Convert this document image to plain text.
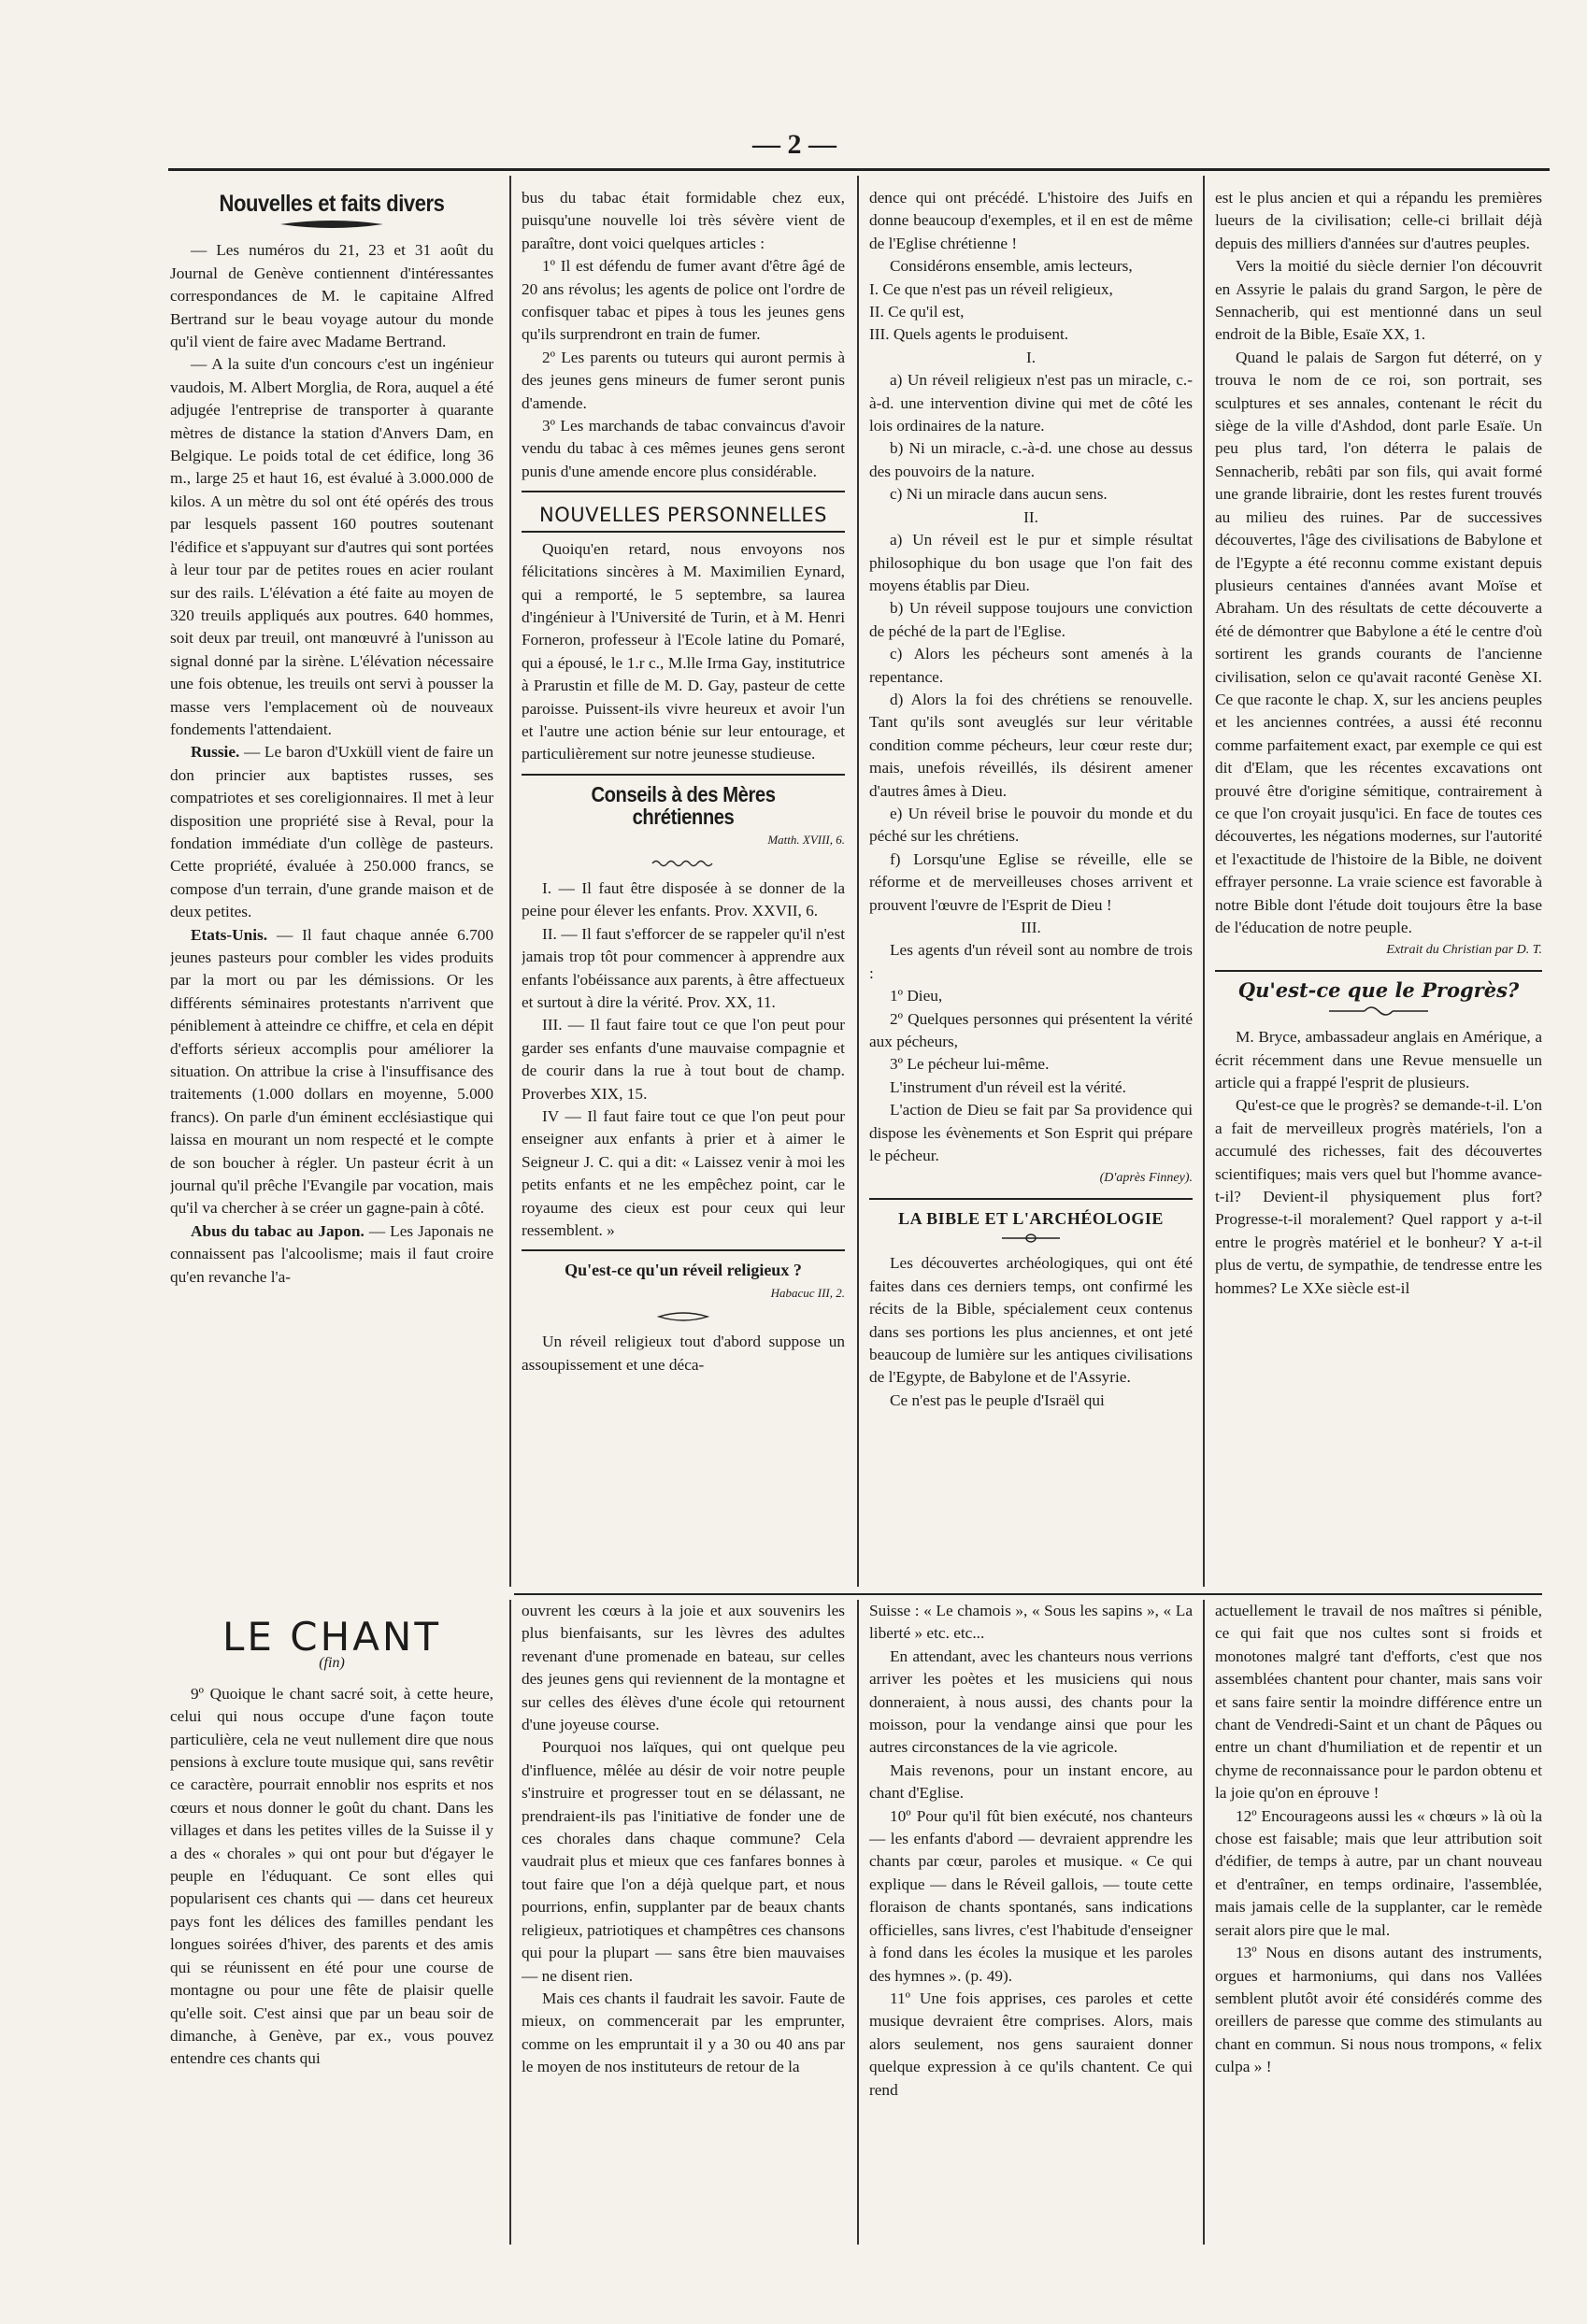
— 2 —
Nouvelles et faits divers

— Les numéros du 21, 23 et 31 août du Journal de Genève contiennent d'intéressantes correspondances de M. le capitaine Alfred Bertrand sur le beau voyage autour du monde qu'il vient de faire avec Madame Bertrand.

— A la suite d'un concours c'est un ingénieur vaudois, M. Albert Morglia, de Rora, auquel a été adjugée l'entreprise de transporter à quarante mètres de distance la station d'Anvers Dam, en Belgique. Le poids total de cet édifice, long 36 m., large 25 et haut 16, est évalué à 3.000.000 de kilos. A un mètre du sol ont été opérés des trous par lesquels passent 160 poutres soutenant l'édifice et s'appuyant sur d'autres qui sont portées à leur tour par de petites roues en acier roulant sur des rails. L'élévation a été faite au moyen de 320 treuils appliqués aux poutres. 640 hommes, soit deux par treuil, ont manœuvré à l'unisson au signal donné par la sirène. L'élévation nécessaire une fois obtenue, les treuils ont servi à pousser la masse vers l'emplacement où de nouveaux fondements l'attendaient.

Russie. — Le baron d'Uxküll vient de faire un don princier aux baptistes russes, ses compatriotes et ses coreligionnaires. Il met à leur disposition une propriété sise à Reval, pour la fondation immédiate d'un collège de pasteurs. Cette propriété, évaluée à 250.000 francs, se compose d'un terrain, d'une grande maison et de deux petites.

Etats-Unis. — Il faut chaque année 6.700 jeunes pasteurs pour combler les vides produits par la mort ou par les démissions. Or les différents séminaires protestants n'arrivent que péniblement à atteindre ce chiffre, et cela en dépit d'efforts sérieux accomplis pour améliorer la situation. On attribue la crise à l'insuffisance des traitements (1.000 dollars en moyenne, 5.000 francs). On parle d'un éminent ecclésiastique qui laissa en mourant un nom respecté et le compte de son boucher à régler. Un pasteur écrit à un journal qu'il prêche l'Evangile par vocation, mais qu'il va chercher à se créer un gagne-pain à côté.

Abus du tabac au Japon. — Les Japonais ne connaissent pas l'alcoolisme; mais il faut croire qu'en revanche l'a-

bus du tabac était formidable chez eux, puisqu'une nouvelle loi très sévère vient de paraître, dont voici quelques articles :

1º Il est défendu de fumer avant d'être âgé de 20 ans révolus; les agents de police ont l'ordre de confisquer tabac et pipes à tous les jeunes gens qu'ils surprendront en train de fumer.

2º Les parents ou tuteurs qui auront permis à des jeunes gens mineurs de fumer seront punis d'amende.

3º Les marchands de tabac convaincus d'avoir vendu du tabac à ces mêmes jeunes gens seront punis d'une amende encore plus considérable.

NOUVELLES PERSONNELLES

Quoiqu'en retard, nous envoyons nos félicitations sincères à M. Maximilien Eynard, qui a remporté, le 5 septembre, sa laurea d'ingénieur à l'Université de Turin, et à M. Henri Forneron, professeur à l'Ecole latine du Pomaré, qui a épousé, le 1.r c., M.lle Irma Gay, institutrice à Prarustin et fille de M. D. Gay, pasteur de cette paroisse. Puissent-ils vivre heureux et avoir l'un et l'autre une action bénie sur leur entourage, et particulièrement sur notre jeunesse studieuse.

Conseils à des Mères chrétiennes
Matth. XVIII, 6.

I. — Il faut être disposée à se donner de la peine pour élever les enfants. Prov. XXVII, 6.

II. — Il faut s'efforcer de se rappeler qu'il n'est jamais trop tôt pour commencer à apprendre aux enfants l'obéissance aux parents, à être affectueux et surtout à dire la vérité. Prov. XX, 11.

III. — Il faut faire tout ce que l'on peut pour garder ses enfants d'une mauvaise compagnie et de courir dans la rue à tout bout de champ. Proverbes XIX, 15.

IV — Il faut faire tout ce que l'on peut pour enseigner aux enfants à prier et à aimer le Seigneur J. C. qui a dit: « Laissez venir à moi les petits enfants et ne les empêchez point, car le royaume des cieux est pour ceux qui leur ressemblent. »

Qu'est-ce qu'un réveil religieux ?
Habacuc III, 2.

Un réveil religieux tout d'abord suppose un assoupissement et une déca-

dence qui ont précédé. L'histoire des Juifs en donne beaucoup d'exemples, et il en est de même de l'Eglise chrétienne !

Considérons ensemble, amis lecteurs,

I. Ce que n'est pas un réveil religieux,

II. Ce qu'il est,

III. Quels agents le produisent.

I.

a) Un réveil religieux n'est pas un miracle, c.-à-d. une intervention divine qui met de côté les lois ordinaires de la nature.

b) Ni un miracle, c.-à-d. une chose au dessus des pouvoirs de la nature.

c) Ni un miracle dans aucun sens.

II.

a) Un réveil est le pur et simple résultat philosophique du bon usage que l'on fait des moyens établis par Dieu.

b) Un réveil suppose toujours une conviction de péché de la part de l'Eglise.

c) Alors les pécheurs sont amenés à la repentance.

d) Alors la foi des chrétiens se renouvelle. Tant qu'ils sont aveuglés sur leur véritable condition comme pécheurs, leur cœur reste dur; mais, unefois réveillés, ils désirent amener d'autres âmes à Dieu.

e) Un réveil brise le pouvoir du monde et du péché sur les chrétiens.

f) Lorsqu'une Eglise se réveille, elle se réforme et de merveilleuses choses arrivent et prouvent l'œuvre de l'Esprit de Dieu !

III.

Les agents d'un réveil sont au nombre de trois :

1º Dieu,

2º Quelques personnes qui présentent la vérité aux pécheurs,

3º Le pécheur lui-même.

L'instrument d'un réveil est la vérité.

L'action de Dieu se fait par Sa providence qui dispose les évènements et Son Esprit qui prépare le pécheur.

(D'après Finney).

LA BIBLE ET L'ARCHÉOLOGIE

Les découvertes archéologiques, qui ont été faites dans ces derniers temps, ont confirmé les récits de la Bible, spécialement ceux contenus dans ses portions les plus anciennes, et ont jeté beaucoup de lumière sur les antiques civilisations de l'Egypte, de Babylone et de l'Assyrie.

Ce n'est pas le peuple d'Israël qui

est le plus ancien et qui a répandu les premières lueurs de la civilisation; celle-ci brillait déjà depuis des milliers d'années sur d'autres peuples.

Vers la moitié du siècle dernier l'on découvrit en Assyrie le palais du grand Sargon, le père de Sennacherib, qui est mentionné dans un seul endroit de la Bible, Esaïe XX, 1.

Quand le palais de Sargon fut déterré, on y trouva le nom de ce roi, son portrait, ses sculptures et ses annales, contenant le récit du siège de la ville d'Ashdod, dont parle Esaïe. Un peu plus tard, l'on déterra le palais de Sennacherib, rebâti par son fils, qui avait formé une grande librairie, dont les restes furent trouvés au milieu des ruines. Par de successives découvertes, l'âge des civilisations de Babylone et de l'Egypte a été reconnu comme existant depuis plusieurs centaines d'années avant Moïse et Abraham. Un des résultats de cette découverte a été de démontrer que Babylone a été le centre d'où sortirent les grands courants de l'ancienne civilisation, selon ce qu'avait raconté Genèse XI. Ce que raconte le chap. X, sur les anciens peuples et les anciennes contrées, a aussi été reconnu comme parfaitement exact, par exemple ce qui est dit d'Elam, que les récentes excavations ont prouvé être d'origine sémitique, contrairement à ce que l'on croyait jusqu'ici. En face de toutes ces découvertes, les négations modernes, sur l'autorité et l'exactitude de l'histoire de la Bible, ne doivent effrayer personne. La vraie science est favorable à notre Bible dont l'étude doit toujours être la base de l'éducation de notre peuple.

Extrait du Christian par D. T.

Qu'est-ce que le Progrès?

M. Bryce, ambassadeur anglais en Amérique, a écrit récemment dans une Revue mensuelle un article qui a frappé l'esprit de plusieurs.

Qu'est-ce que le progrès? se demande-t-il. L'on a fait de merveilleux progrès matériels, l'on a accumulé des richesses, fait des découvertes scientifiques; mais vers quel but l'homme avance-t-il? Devient-il physiquement plus fort? Progresse-t-il moralement? Quel rapport y a-t-il entre le progrès matériel et le bonheur? Y a-t-il plus de vertu, de sympathie, de tendresse entre les hommes? Le XXe siècle est-il

LE CHANT
(fin)

9º Quoique le chant sacré soit, à cette heure, celui qui nous occupe d'une façon toute particulière, cela ne veut nullement dire que nous pensions à exclure toute musique qui, sans revêtir ce caractère, pourrait ennoblir nos esprits et nos cœurs et nous donner le goût du chant. Dans les villages et dans les petites villes de la Suisse il y a des « chorales » qui ont pour but d'égayer le peuple en l'éduquant. Ce sont elles qui popularisent ces chants qui — dans cet heureux pays font les délices des familles pendant les longues soirées d'hiver, des parents et des amis qui se réunissent en été pour une course de montagne ou pour une fête de plaisir quelle qu'elle soit. C'est ainsi que par un beau soir de dimanche, à Genève, par ex., vous pouvez entendre ces chants qui

ouvrent les cœurs à la joie et aux souvenirs les plus bienfaisants, sur les lèvres des adultes revenant d'une promenade en bateau, sur celles des jeunes gens qui reviennent de la montagne et sur celles des élèves d'une école qui retournent d'une joyeuse course.

Pourquoi nos laïques, qui ont quelque peu d'influence, mêlée au désir de voir notre peuple s'instruire et progresser tout en se délassant, ne prendraient-ils pas l'initiative de fonder une de ces chorales dans chaque commune? Cela vaudrait plus et mieux que ces fanfares bonnes à tout faire que l'on a déjà quelque part, et nous pourrions, enfin, supplanter par de beaux chants religieux, patriotiques et champêtres ces chansons qui pour la plupart — sans être bien mauvaises — ne disent rien.

Mais ces chants il faudrait les savoir. Faute de mieux, on commencerait par les emprunter, comme on les empruntait il y a 30 ou 40 ans par le moyen de nos instituteurs de retour de la

Suisse : « Le chamois », « Sous les sapins », « La liberté » etc. etc...

En attendant, avec les chanteurs nous verrions arriver les poètes et les musiciens qui nous donneraient, à nous aussi, des chants pour la moisson, pour la vendange ainsi que pour les autres circonstances de la vie agricole.

Mais revenons, pour un instant encore, au chant d'Eglise.

10º Pour qu'il fût bien exécuté, nos chanteurs — les enfants d'abord — devraient apprendre les chants par cœur, paroles et musique. « Ce qui explique — dans le Réveil gallois, — toute cette floraison de chants spontanés, sans indications officielles, sans livres, c'est l'habitude d'enseigner à fond dans les écoles la musique et les paroles des hymnes ». (p. 49).

11º Une fois apprises, ces paroles et cette musique devraient être comprises. Alors, mais alors seulement, nos gens sauraient donner quelque expression à ce qu'ils chantent. Ce qui rend

actuellement le travail de nos maîtres si pénible, ce qui fait que nos cultes sont si froids et monotones malgré tant d'efforts, c'est que nos assemblées chantent pour chanter, mais sans voir et sans faire sentir la moindre différence entre un chant de Vendredi-Saint et un chant de Pâques ou entre un chant d'humiliation et de repentir et un chyme de reconnaissance pour le pardon obtenu et la joie qu'on en éprouve !

12º Encourageons aussi les « chœurs » là où la chose est faisable; mais que leur attribution soit d'édifier, de temps à autre, par un chant nouveau et d'entraîner, en temps ordinaire, l'assemblée, mais jamais celle de la supplanter, car le remède serait alors pire que le mal.

13º Nous en disons autant des instruments, orgues et harmoniums, qui dans nos Vallées semblent plutôt avoir été considérés comme des oreillers de paresse que comme des stimulants au chant en commun. Si nous nous trompons, « felix culpa » !
